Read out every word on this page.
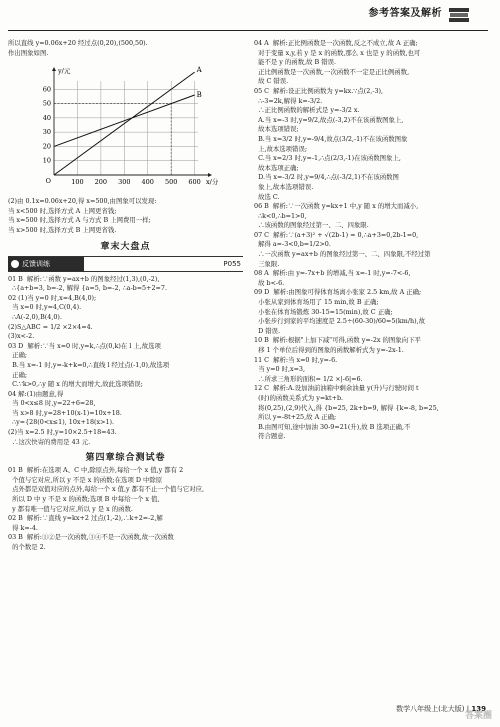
参考答案及解析
所以直线 y=0.06x+20 经过点(0,20),(500,50).
作出图象如图.
100 200 300 400 500 600
10
20
30
40
50
60
O
y/元
x/分
A
B
(2)由 0.1x=0.06x+20,得 x=500,由图象可以发现:
当 x<500 时,选择方式 A 上网更省钱;
当 x=500 时,选择方式 A 与方式 B 上网费用一样;
当 x>500 时,选择方式 B 上网更省钱.
章末大盘点
反馈训练	P055
01 B  解析:∵函数 y=ax+b 的图象经过(1,3),(0,-2),
∴{a+b=3, b=-2, 解得 {a=5, b=-2, ∴a-b=5+2=7.
02 (1)当 y=0 时,x=4,B(4,0);
当 x=0 时,y=4,C(0,4).
∴A(-2,0),B(4,0).
(2)S△ABC = 1/2 ×2×4=4.
(3)x<-2.
03 D  解析:∵当 x=0 时,y=k,∴点(0,k)在 l 上,故选项
正确;
B.当 x=-1 时,y=-k+k=0,∴直线 l 经过点(-1,0),故选项
正确;
C.∵k>0,∴y 随 x 的增大而增大,故此选项错误;
04 解:(1)由题意,得
当 0<x≤8 时,y=22+6=28,
当 x>8 时,y=28+10(x-1)=10x+18.
∴y={28(0<x≤1), 10x+18(x>1).
(2)当 x=2.5 时,y=10×2.5+18=43.
∴这次快寄的费用是 43 元.
第四章综合测试卷
01 B  解析:在选项 A、C 中,除原点外,每给一个 x 值,y 都有 2
个值与它对应,所以 y 不是 x 的函数;在选项 D 中除原
点外都是双值对应的点外,每给一个 x 值,y 都有不止一个值与它对应,
所以 D 中 y 不是 x 的函数;选项 B 中每给一个 x 值,
y 都有唯一值与它对应,所以 y 是 x 的函数.
02 B  解析:∵直线 y=kx+2 过点(1,-2),∴k+2=-2,解
得 k=-4.
03 B  解析:①②是一次函数,③④不是一次函数,故一次函数
的个数是 2.
04 A  解析:正比例函数是一次函数,反之不成立,故 A 正确;
对于变量 x,y,若 y 是 x 的函数,那么 x 也是 y 的函数,也可
能不是 y 的函数,故 B 错误.
正比例函数是一次函数,一次函数不一定是正比例函数,
故 C 错误.
05 C  解析:设正比例函数为 y=kx.∵点(2,-3),
∴-3=2k,解得 k=-3/2.
∴正比例函数的解析式是 y=-3/2 x.
A.当 x=-3 时,y=9/2,故点(-3,2)不在该函数图象上,
故本选项错误;
B.当 x=3/2 时,y=-9/4,故点(3/2,-1)不在该函数图象
上,故本选项错误;
C.当 x=2/3 时,y=-1,∴点(2/3,-1)在该函数图象上,
故本选项正确;
D.当 x=-3/2 时,y=9/4,∴点(-3/2,1)不在该函数图
象上,故本选项错误.
故选 C.
06 B  解析:∵一次函数 y=kx+1 中,y 随 x 的增大而减小,
∴k<0,∴b=1>0,
∴该函数的图象经过第一、二、四象限.
07 C  解析:∵(a+3)² + √(2b-1) = 0,∴a+3=0,2b-1=0,
解得 a=-3<0,b=1/2>0.
∴一次函数 y=ax+b 的图象经过第一、二、四象限,不经过第
三象限.
08 A  解析:由 y=-7x+b 的增减,当 x=-1 时,y=-7<-6,
故 b<-6.
09 D  解析:由图象可得体育场离小张家 2.5 km,故 A 正确;
小张从家到体育场用了 15 min,故 B 正确;
小张在体育场锻炼 30-15=15(min),故 C 正确;
小张步行到家的平均速度是 2.5÷(60-30)/60=5(km/h),故
D 错误.
10 B  解析:根据"上加下减"可得,函数 y=-2x 的图象向下平
移 1 个单位后得到的图象的函数解析式为 y=-2x-1.
11 C  解析:当 x=0 时,y=-6.
当 y=0 时,x=3,
∴所求三角形的面积= 1/2 ×|-6|=6.
12 C  解析:A.设加油前油箱中剩余油量 y(升)与行驶时间 t
(时)的函数关系式为 y=kt+b.
将(0,25),(2,9)代入,得 {b=25, 2k+b=9, 解得 {k=-8, b=25,
所以 y=-8t+25,故 A 正确;
B.由图可知,途中加油 30-9=21(升),故 B 选项正确,不
符合题意.
数学八年级上(北大版) | 139
答案圈
